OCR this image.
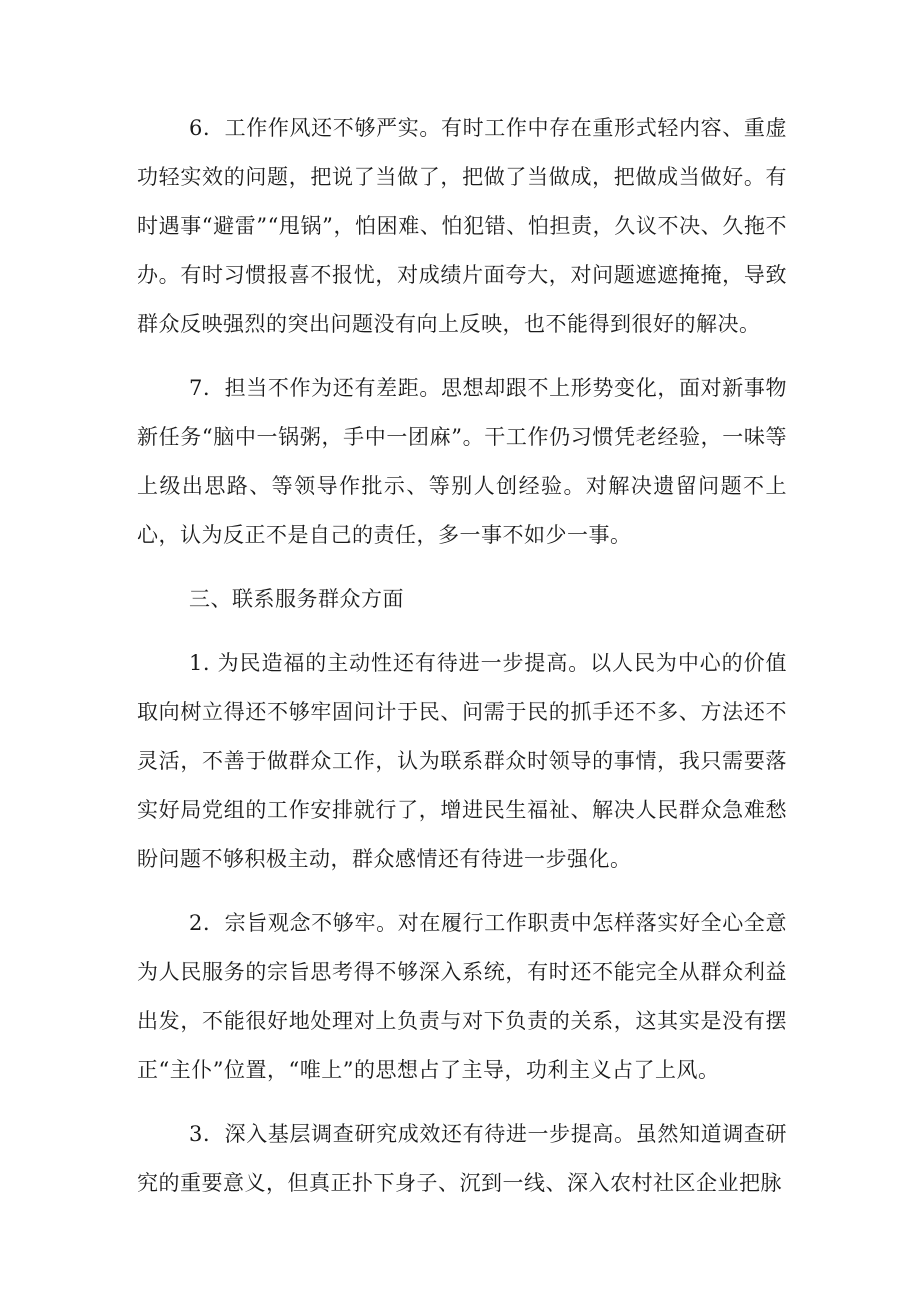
6．工作作风还不够严实。有时工作中存在重形式轻内容、重虚功轻实效的问题，把说了当做了，把做了当做成，把做成当做好。有时遇事“避雷”“甩锅”，怕困难、怕犯错、怕担责，久议不决、久拖不办。有时习惯报喜不报忧，对成绩片面夸大，对问题遮遮掩掩，导致群众反映强烈的突出问题没有向上反映，也不能得到很好的解决。

7．担当不作为还有差距。思想却跟不上形势变化，面对新事物新任务“脑中一锅粥，手中一团麻”。干工作仍习惯凭老经验，一味等上级出思路、等领导作批示、等别人创经验。对解决遗留问题不上心，认为反正不是自己的责任，多一事不如少一事。

三、联系服务群众方面

1. 为民造福的主动性还有待进一步提高。以人民为中心的价值取向树立得还不够牢固问计于民、问需于民的抓手还不多、方法还不灵活，不善于做群众工作，认为联系群众时领导的事情，我只需要落实好局党组的工作安排就行了，增进民生福祉、解决人民群众急难愁盼问题不够积极主动，群众感情还有待进一步强化。

2．宗旨观念不够牢。对在履行工作职责中怎样落实好全心全意为人民服务的宗旨思考得不够深入系统，有时还不能完全从群众利益出发，不能很好地处理对上负责与对下负责的关系，这其实是没有摆正“主仆”位置，“唯上”的思想占了主导，功利主义占了上风。

3．深入基层调查研究成效还有待进一步提高。虽然知道调查研究的重要意义，但真正扑下身子、沉到一线、深入农村社区企业把脉
